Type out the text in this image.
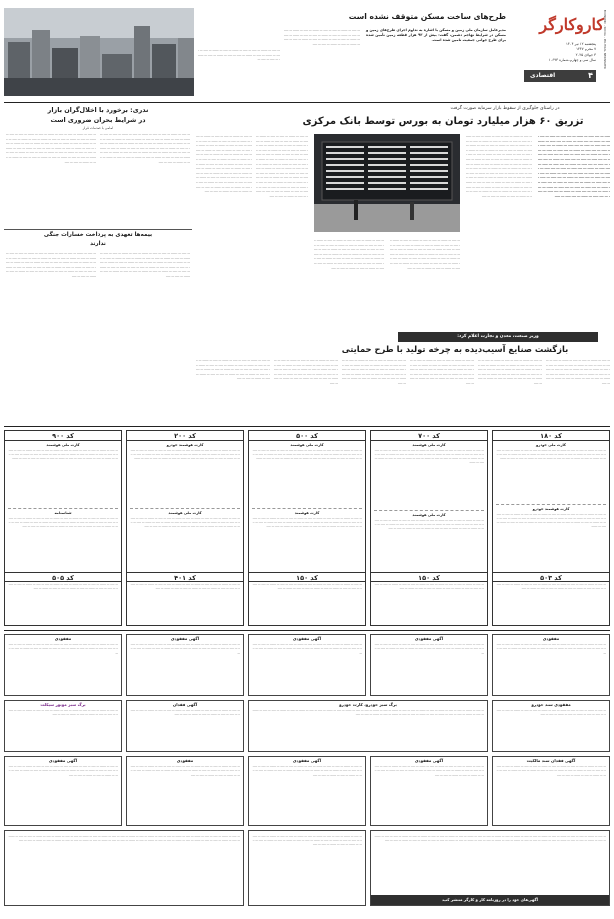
کاروکارگر
ECONOMIC - SOCIAL - POLITICAL NEWSPAPER
پنجشنبه ۱۲ تیر ۱۴۰۴
۷ محرم ۱۴۴۷
۳ جولای ۲۰۲۵
سال سی و چهارم-شماره ۱۰۶۹۳
۴
اقتصادی
طرح‌های ساخت مسکن متوقف نشده است
مدیرعامل سازمان ملی زمین و مسکن با اشاره به تداوم اجرای طرح‌های زمین و مسکن در شرایط تهاجم دشمن، گفت: بیش از ۹۳ هزار قطعه زمین تأمین شده برای طرح جوانی جمعیت تامین شده است.
ـــ ـــــ ـــ ـــــــ ـــ ـــــ ـــ ـــــ ـــ ـــــــ ـــ ـــــ ـــ ـــــــ ـــ ـــــ ـــ ـــــ ـــ ـــــــ ـــ ـــــ ـــ ـــــــ ـــ ـــــ ـــ ـــــ ـــ ـــــــ ـــ ـــــ ـــ ـــــــ ـــ ـــــ ـــ ـــــ ـــ ـــــــ ـــ ـــــ ـــ ـــــــ ـــ ـــــ ـــ ـــــ ـــ ـــــــ ـــ ـــــ ـــ ـــــــ ـــ ـــــ ـــ ـــــ
ـــ ـــــ ـــ ـــــــ ـــ ـــــ ـــ ـــــ ـــ ـــــــ ـــ ـــــ ـــ ـــــــ ـــ ـــــ ـــ ـــــ ـــ ـــــــ ـــ ـــــ ـــ ـــــــ ـــ ـــــ ـــ ـــــ ـــ ـــــــ ـــ ـــــ ـــ ـــــــ ـــ ـــــ ـــ ـــــ ـــ
در راستای جلوگیری از سقوط بازار سرمایه صورت گرفت
تزریق ۶۰ هزار میلیارد تومان به بورس توسط بانک مرکزی
ـــــ ـــ ــــ ـــــ ـــ ــــــ ـــ ــــ ـــــ ـــ ـــــ ـــ ــــ ـــــ ـــ ــــــ ـــ ــــ ـــــ ـــ ـــــ ـــ ــــ ـــــ ـــ ــــــ ـــ ــــ ـــــ ـــ ـــــ ـــ ــــ ـــــ ـــ ــــــ ـــ ــــ ـــــ ـــ ـــــ ـــ ــــ ـــــ ـــ ــــــ ـــ ــــ ـــــ ـــ ـــــ ـــ ــــ ـــــ ـــ ــــــ ـــ ــــ ـــــ ـــ ـــــ ـــ ــــ ـــــ ـــ ــــــ ـــ ــــ ـــــ ـــ ـــــ ـــ ــــ ـــــ ـــ ــــــ ـــ ــــ ـــــ ـــ ـــــ ـــ ــــ ـــــ ـــ ــــــ ـــ ــــ ـــــ ـــ ـــــ ـــ ــــ ـــــ ـــ ــــــ ـــ ــــ ـــــ ـــ ـــــ ـــ ــــ ـــــ ـــ ــــــ ـــ ــــ ـــــ ـــ ـــــ ـــ ــــ ـــــ ـــ ــــــ ـــ ــــ ـــــ ـــ ـــــ ـــ ــــ ـــــ ـــ ــــــ ـــ ــــ ـــــ ـــ ـــــ ـــ ــــ ـــــ ـــ ــــــ ـــ ــــ ـــــ ـــ ـــــ ـــ ــــ ـــــ ـــ ــــــ ـــ ــــ ـــــ ـــ ـــــ ـــ ــــ ـــــ ـــ ــــــ ـــ ــــ ـــــ ـــ ـــــ ـــ ــــ ـــــ ـــ ــــــ ـــ ــــ ـــــ ـــ ـــــ ـــ ــــ ـــــ ـــ ــــــ ـــ ــــ ـــــ ـــ ـــــ
ـــ ـــــ ـــ ـــــــ ـــ ـــــ ـــ ـــــ ـــ ـــــــ ـــ ـــــ ـــ ـــــــ ـــ ـــــ ـــ ـــــ ـــ ـــــــ ـــ ـــــ ـــ ـــــــ ـــ ـــــ ـــ ـــــ ـــ ـــــــ ـــ ـــــ ـــ ـــــــ ـــ ـــــ ـــ ـــــ ـــ ـــــــ ـــ ـــــ ـــ ـــــــ ـــ ـــــ ـــ ـــــ ـــ ـــــــ ـــ ـــــ ـــ ـــــــ ـــ ـــــ ـــ ـــــ ـــ ـــــــ ـــ ـــــ ـــ ـــــــ ـــ ـــــ ـــ ـــــ ـــ ـــــــ ـــ ـــــ ـــ ـــــــ ـــ ـــــ ـــ ـــــ ـــ ـــــــ ـــ ـــــ ـــ ـــــــ ـــ ـــــ ـــ ـــــ ـــ ـــــــ ـــ ـــــ ـــ ـــــــ ـــ ـــــ ـــ ـــــ ـــ ـــــــ ـــ ـــــ ـــ ـــــــ ـــ ـــــ ـــ ـــــ ـــ ـــــــ ـــ ـــــ ـــ ـــــــ ـــ ـــــ ـــ ـــــ ـــ ـــــــ ـــ ـــــ ـــ ـــــــ ـــ ـــــ ـــ ـــــ ـــ ـــــــ ـــ ـــــ ـــ ـــــــ ـــ ـــــ ـــ ـــــ ـــ ـــــــ ـــ ـــــ ـــ ـــــــ ـــ ـــــ ـــ ـــــ ـــ ـــــــ ـــ ـــــ ـــ ـــــــ ـــ ـــــ ـــ ـــــ ـــ ـــــــ ـــ ـــــ ـــ ـــــــ ـــ ـــــ ـــ ـــــ ـــ ـــــــ ـــ ـــــ ـــ ـــــــ ـــ ـــــ ـــ ـــــ ـــ ـــــــ ـــ ـــــ ـــ ـــــــ ـــ ـــــ ـــ ـــــ
ـــ ـــــ ـــ ـــــــ ـــ ـــــ ـــ ـــــ ـــ ـــــــ ـــ ـــــ ـــ ـــــــ ـــ ـــــ ـــ ـــــ ـــ ـــــــ ـــ ـــــ ـــ ـــــــ ـــ ـــــ ـــ ـــــ ـــ ـــــــ ـــ ـــــ ـــ ـــــــ ـــ ـــــ ـــ ـــــ ـــ ـــــــ ـــ ـــــ ـــ ـــــــ ـــ ـــــ ـــ ـــــ ـــ ـــــــ ـــ ـــــ ـــ ـــــــ ـــ ـــــ ـــ ـــــ ـــ ـــــــ ـــ ـــــ ـــ ـــــــ ـــ ـــــ ـــ ـــــ ـــ ـــــــ ـــ ـــــ ـــ ـــــــ ـــ ـــــ ـــ ـــــ ـــ ـــــــ ـــ ـــــ ـــ ـــــــ ـــ ـــــ ـــ ـــــ ـــ ـــــــ ـــ ـــــ ـــ ـــــــ ـــ ـــــ ـــ ـــــ
ـــ ـــــ ـــ ـــــــ ـــ ـــــ ـــ ـــــ ـــ ـــــــ ـــ ـــــ ـــ ـــــــ ـــ ـــــ ـــ ـــــ ـــ ـــــــ ـــ ـــــ ـــ ـــــــ ـــ ـــــ ـــ ـــــ ـــ ـــــــ ـــ ـــــ ـــ ـــــــ ـــ ـــــ ـــ ـــــ ـــ ـــــــ ـــ ـــــ ـــ ـــــــ ـــ ـــــ ـــ ـــــ ـــ ـــــــ ـــ ـــــ ـــ ـــــــ ـــ ـــــ ـــ ـــــ ـــ ـــــــ ـــ ـــــ ـــ ـــــــ ـــ ـــــ ـــ ـــــ ـــ ـــــــ ـــ ـــــ ـــ ـــــــ ـــ ـــــ ـــ ـــــ ـــ ـــــــ ـــ ـــــ ـــ ـــــــ ـــ ـــــ ـــ ـــــ ـــ ـــــــ ـــ ـــــ ـــ ـــــــ ـــ ـــــ ـــ ـــــ
ـــ ـــــ ـــ ـــــــ ـــ ـــــ ـــ ـــــ ـــ ـــــــ ـــ ـــــ ـــ ـــــــ ـــ ـــــ ـــ ـــــ ـــ ـــــــ ـــ ـــــ ـــ ـــــــ ـــ ـــــ ـــ ـــــ ـــ ـــــــ ـــ ـــــ ـــ ـــــــ ـــ ـــــ ـــ ـــــ ـــ ـــــــ ـــ ـــــ ـــ ـــــــ ـــ ـــــ ـــ ـــــ ـــ ـــــــ ـــ ـــــ ـــ ـــــــ ـــ ـــــ ـــ ـــــ ـــ ـــــــ ـــ ـــــ ـــ ـــــــ ـــ ـــــ ـــ ـــــ ـــ ـــــــ ـــ ـــــ ـــ ـــــــ ـــ ـــــ ـــ ـــــ ـــ ـــــــ ـــ ـــــ ـــ ـــــــ ـــ ـــــ ـــ ـــــ ـــ ـــــــ ـــ ـــــ ـــ ـــــــ ـــ ـــــ ـــ ـــــ ـــ ـــــــ ـــ ـــــ ـــ ـــــــ ـــ ـــــ ـــ ـــــ ـــ ـــــــ ـــ ـــــ ـــ ـــــــ ـــ ـــــ ـــ ـــــ ـــ ـــــــ ـــ ـــــ ـــ ـــــــ ـــ ـــــ ـــ ـــــ ـــ ـــــــ ـــ ـــــ ـــ ـــــــ ـــ ـــــ ـــ ـــــ ـــ ـــــــ ـــ ـــــ ـــ ـــــــ ـــ ـــــ ـــ ـــــ
ـــ ـــــ ـــ ـــــــ ـــ ـــــ ـــ ـــــ ـــ ـــــــ ـــ ـــــ ـــ ـــــــ ـــ ـــــ ـــ ـــــ ـــ ـــــــ ـــ ـــــ ـــ ـــــــ ـــ ـــــ ـــ ـــــ ـــ ـــــــ ـــ ـــــ ـــ ـــــــ ـــ ـــــ ـــ ـــــ ـــ ـــــــ ـــ ـــــ ـــ ـــــــ ـــ ـــــ ـــ ـــــ ـــ ـــــــ ـــ ـــــ ـــ ـــــــ ـــ ـــــ ـــ ـــــ ـــ ـــــــ ـــ ـــــ ـــ ـــــــ ـــ ـــــ ـــ ـــــ ـــ ـــــــ ـــ ـــــ ـــ ـــــــ ـــ ـــــ ـــ ـــــ ـــ ـــــــ ـــ ـــــ ـــ ـــــــ ـــ ـــــ ـــ ـــــ ـــ ـــــــ ـــ ـــــ ـــ ـــــــ ـــ ـــــ ـــ ـــــ ـــ ـــــــ ـــ ـــــ ـــ ـــــــ ـــ ـــــ ـــ ـــــ ـــ ـــــــ ـــ ـــــ ـــ ـــــــ ـــ ـــــ ـــ ـــــ ـــ ـــــــ ـــ ـــــ ـــ ـــــــ ـــ ـــــ ـــ ـــــ ـــ ـــــــ ـــ ـــــ ـــ ـــــــ ـــ ـــــ ـــ ـــــ ـــ ـــــــ ـــ ـــــ ـــ ـــــــ ـــ ـــــ ـــ ـــــ
ندری: برخورد با اخلال‌گران بازار
در شرایط بحران ضروری است
امامی با صدمات قرار
ـــ ـــــ ـــ ـــــــ ـــ ـــــ ـــ ـــــ ـــ ـــــــ ـــ ـــــ ـــ ـــــــ ـــ ـــــ ـــ ـــــ ـــ ـــــــ ـــ ـــــ ـــ ـــــــ ـــ ـــــ ـــ ـــــ ـــ ـــــــ ـــ ـــــ ـــ ـــــــ ـــ ـــــ ـــ ـــــ ـــ ـــــــ ـــ ـــــ ـــ ـــــــ ـــ ـــــ ـــ ـــــ ـــ ـــــــ ـــ ـــــ ـــ ـــــــ ـــ ـــــ ـــ ـــــ ـــ ـــــــ ـــ ـــــ ـــ ـــــــ ـــ ـــــ ـــ ـــــ ـــ ـــــــ ـــ ـــــ ـــ ـــــــ ـــ ـــــ ـــ ـــــ ـــ ـــــــ ـــ ـــــ ـــ ـــــــ ـــ ـــــ ـــ ـــــ ـــ ـــــــ ـــ ـــــ ـــ ـــــــ ـــ ـــــ ـــ ـــــ ـــ ـــــــ ـــ ـــــ ـــ ـــــــ ـــ ـــــ ـــ ـــــ ـــ ـــــــ ـــ ـــــ ـــ ـــــــ ـــ ـــــ ـــ ـــــ
ـــ ـــــ ـــ ـــــــ ـــ ـــــ ـــ ـــــ ـــ ـــــــ ـــ ـــــ ـــ ـــــــ ـــ ـــــ ـــ ـــــ ـــ ـــــــ ـــ ـــــ ـــ ـــــــ ـــ ـــــ ـــ ـــــ ـــ ـــــــ ـــ ـــــ ـــ ـــــــ ـــ ـــــ ـــ ـــــ ـــ ـــــــ ـــ ـــــ ـــ ـــــــ ـــ ـــــ ـــ ـــــ ـــ ـــــــ ـــ ـــــ ـــ ـــــــ ـــ ـــــ ـــ ـــــ ـــ ـــــــ ـــ ـــــ ـــ ـــــــ ـــ ـــــ ـــ ـــــ ـــ ـــــــ ـــ ـــــ ـــ ـــــــ ـــ ـــــ ـــ ـــــ ـــ ـــــــ ـــ ـــــ ـــ ـــــــ ـــ ـــــ ـــ ـــــ ـــ ـــــــ ـــ ـــــ ـــ ـــــــ ـــ ـــــ ـــ ـــــ ـــ ـــــــ ـــ ـــــ ـــ ـــــــ ـــ ـــــ ـــ ـــــ ـــ ـــــــ ـــ ـــــ ـــ ـــــــ ـــ ـــــ ـــ ـــــ
بیمه‌ها تعهدی به پرداخت خسارات جنگی
ندارند
ـــ ـــــ ـــ ـــــــ ـــ ـــــ ـــ ـــــ ـــ ـــــــ ـــ ـــــ ـــ ـــــــ ـــ ـــــ ـــ ـــــ ـــ ـــــــ ـــ ـــــ ـــ ـــــــ ـــ ـــــ ـــ ـــــ ـــ ـــــــ ـــ ـــــ ـــ ـــــــ ـــ ـــــ ـــ ـــــ ـــ ـــــــ ـــ ـــــ ـــ ـــــــ ـــ ـــــ ـــ ـــــ ـــ ـــــــ ـــ ـــــ ـــ ـــــــ ـــ ـــــ ـــ ـــــ ـــ ـــــــ ـــ ـــــ ـــ ـــــــ ـــ ـــــ ـــ ـــــ ـــ ـــــــ ـــ ـــــ ـــ ـــــــ ـــ ـــــ ـــ ـــــ ـــ ـــــــ ـــ ـــــ ـــ ـــــــ ـــ ـــــ ـــ ـــــ ـــ ـــــــ ـــ ـــــ ـــ ـــــــ ـــ ـــــ ـــ ـــــ
ـــ ـــــ ـــ ـــــــ ـــ ـــــ ـــ ـــــ ـــ ـــــــ ـــ ـــــ ـــ ـــــــ ـــ ـــــ ـــ ـــــ ـــ ـــــــ ـــ ـــــ ـــ ـــــــ ـــ ـــــ ـــ ـــــ ـــ ـــــــ ـــ ـــــ ـــ ـــــــ ـــ ـــــ ـــ ـــــ ـــ ـــــــ ـــ ـــــ ـــ ـــــــ ـــ ـــــ ـــ ـــــ ـــ ـــــــ ـــ ـــــ ـــ ـــــــ ـــ ـــــ ـــ ـــــ ـــ ـــــــ ـــ ـــــ ـــ ـــــــ ـــ ـــــ ـــ ـــــ ـــ ـــــــ ـــ ـــــ ـــ ـــــــ ـــ ـــــ ـــ ـــــ ـــ ـــــــ ـــ ـــــ ـــ ـــــــ ـــ ـــــ ـــ ـــــ ـــ ـــــــ ـــ ـــــ ـــ ـــــــ ـــ ـــــ ـــ ـــــ
وزیر صنعت، معدن و تجارت اعلام کرد:
بازگشت صنایع آسیب‌دیده به چرخه تولید با طرح حمایتی
ـــ ـــــ ـــ ـــــــ ـــ ـــــ ـــ ـــــ ـــ ـــــــ ـــ ـــــ ـــ ـــــــ ـــ ـــــ ـــ ـــــ ـــ ـــــــ ـــ ـــــ ـــ ـــــــ ـــ ـــــ ـــ ـــــ ـــ ـــــــ ـــ ـــــ ـــ ـــــــ ـــ ـــــ ـــ ـــــ ـــ ـــــــ ـــ ـــــ ـــ ـــــــ ـــ ـــــ ـــ ـــــ ـــ ـــــــ ـــ ـــــ ـــ ـــــــ ـــ ـــــ ـــ ـــــ ـــ ـــــــ ـــ ـــــ ـــ ـــــــ ـــ ـــــ ـــ ـــــ
ـــ ـــــ ـــ ـــــــ ـــ ـــــ ـــ ـــــ ـــ ـــــــ ـــ ـــــ ـــ ـــــــ ـــ ـــــ ـــ ـــــ ـــ ـــــــ ـــ ـــــ ـــ ـــــــ ـــ ـــــ ـــ ـــــ ـــ ـــــــ ـــ ـــــ ـــ ـــــــ ـــ ـــــ ـــ ـــــ ـــ ـــــــ ـــ ـــــ ـــ ـــــــ ـــ ـــــ ـــ ـــــ ـــ ـــــــ ـــ ـــــ ـــ ـــــــ ـــ ـــــ ـــ ـــــ ـــ ـــــــ ـــ ـــــ ـــ ـــــــ ـــ ـــــ ـــ ـــــ
ـــ ـــــ ـــ ـــــــ ـــ ـــــ ـــ ـــــ ـــ ـــــــ ـــ ـــــ ـــ ـــــــ ـــ ـــــ ـــ ـــــ ـــ ـــــــ ـــ ـــــ ـــ ـــــــ ـــ ـــــ ـــ ـــــ ـــ ـــــــ ـــ ـــــ ـــ ـــــــ ـــ ـــــ ـــ ـــــ ـــ ـــــــ ـــ ـــــ ـــ ـــــــ ـــ ـــــ ـــ ـــــ ـــ ـــــــ ـــ ـــــ ـــ ـــــــ ـــ ـــــ ـــ ـــــ ـــ ـــــــ ـــ ـــــ ـــ ـــــــ ـــ ـــــ ـــ ـــــ
ـــ ـــــ ـــ ـــــــ ـــ ـــــ ـــ ـــــ ـــ ـــــــ ـــ ـــــ ـــ ـــــــ ـــ ـــــ ـــ ـــــ ـــ ـــــــ ـــ ـــــ ـــ ـــــــ ـــ ـــــ ـــ ـــــ ـــ ـــــــ ـــ ـــــ ـــ ـــــــ ـــ ـــــ ـــ ـــــ ـــ ـــــــ ـــ ـــــ ـــ ـــــــ ـــ ـــــ ـــ ـــــ ـــ ـــــــ ـــ ـــــ ـــ ـــــــ ـــ ـــــ ـــ ـــــ ـــ ـــــــ ـــ ـــــ ـــ ـــــــ ـــ ـــــ ـــ ـــــ
ـــ ـــــ ـــ ـــــــ ـــ ـــــ ـــ ـــــ ـــ ـــــــ ـــ ـــــ ـــ ـــــــ ـــ ـــــ ـــ ـــــ ـــ ـــــــ ـــ ـــــ ـــ ـــــــ ـــ ـــــ ـــ ـــــ ـــ ـــــــ ـــ ـــــ ـــ ـــــــ ـــ ـــــ ـــ ـــــ ـــ ـــــــ ـــ ـــــ ـــ ـــــــ ـــ ـــــ ـــ ـــــ ـــ ـــــــ ـــ ـــــ ـــ ـــــــ ـــ ـــــ ـــ ـــــ ـــ ـــــــ ـــ ـــــ ـــ ـــــــ ـــ ـــــ ـــ ـــــ
ـــ ـــــ ـــ ـــــــ ـــ ـــــ ـــ ـــــ ـــ ـــــــ ـــ ـــــ ـــ ـــــــ ـــ ـــــ ـــ ـــــ ـــ ـــــــ ـــ ـــــ ـــ ـــــــ ـــ ـــــ ـــ ـــــ ـــ ـــــــ ـــ ـــــ ـــ ـــــــ ـــ ـــــ ـــ ـــــ ـــ ـــــــ ـــ ـــــ ـــ ـــــــ ـــ ـــــ ـــ ـــــ ـــ ـــــــ ـــ ـــــ ـــ ـــــــ ـــ ـــــ ـــ ـــــ ـــ ـــــــ ـــ ـــــ ـــ ـــــــ ـــ ـــــ ـــ ـــــ
کد ۱۸۰
کارت ملی خودرو
ـــ ـــــ ـــ ـــــــ ـــ ـــــ ـــ ـــــ ـــ ـــــــ ـــ ـــــ ـــ ـــــــ ـــ ـــــ ـــ ـــــ ـــ ـــــــ ـــ ـــــ ـــ ـــــــ ـــ ـــــ ـــ ـــــ ـــ ـــــــ ـــ ـــــ ـــ ـــــــ ـــ ـــــ ـــ ـــــ ـــ ـــــــ ـــ ـــــ ـــ ـــــــ ـــ ـــــ ـــ ـــــ ـــ ـــــــ ـــ ـــــ ـــ ـــــــ ـــ ـــــ ـــ ـــــ ـــ ـــــــ ـــ ـــــ ـــ ـــــــ ـــ ـــــ ـــ ـــــ ـــ ـــــــ
کارت هوشمند خودرو
ـــ ـــــ ـــ ـــــــ ـــ ـــــ ـــ ـــــ ـــ ـــــــ ـــ ـــــ ـــ ـــــــ ـــ ـــــ ـــ ـــــ ـــ ـــــــ ـــ ـــــ ـــ ـــــــ ـــ ـــــ ـــ ـــــ ـــ ـــــــ ـــ ـــــ ـــ ـــــــ ـــ ـــــ ـــ ـــــ ـــ ـــــــ ـــ ـــــ ـــ ـــــــ ـــ ـــــ ـــ ـــــ ـــ ـــــــ ـــ ـــــ ـــ ـــــــ ـــ ـــــ ـــ ـــــ ـــ ـــــــ ـــ ـــــ ـــ ـــــــ ـــ ـــــ ـــ ـــــ ـــ ـــــــ ـــ ـــــ ـــ ـــــــ
کد ۵۰۳
ـــ ـــــ ـــ ـــــــ ـــ ـــــ ـــ ـــــ ـــ ـــــــ ـــ ـــــ ـــ ـــــــ ـــ ـــــ ـــ ـــــ ـــ ـــــــ ـــ ـــــ ـــ ـــــــ ـــ ـــــ ـــ ـــــ ـــ ـــــــ ـــ ـــــ ـــ ـــــــ ـــ ـــــ ـــ ـــــ ـــ ـــــــ ـــ ـــــ
کد ۷۰۰
کارت ملی هوشمند
ـــ ـــــ ـــ ـــــــ ـــ ـــــ ـــ ـــــ ـــ ـــــــ ـــ ـــــ ـــ ـــــــ ـــ ـــــ ـــ ـــــ ـــ ـــــــ ـــ ـــــ ـــ ـــــــ ـــ ـــــ ـــ ـــــ ـــ ـــــــ ـــ ـــــ ـــ ـــــــ ـــ ـــــ ـــ ـــــ ـــ ـــــــ ـــ ـــــ ـــ ـــــــ ـــ ـــــ ـــ ـــــ ـــ ـــــــ ـــ ـــــ ـــ ـــــــ ـــ ـــــ ـــ ـــــ ـــ ـــــــ ـــ ـــــ ـــ ـــــــ ـــ ـــــ ـــ ـــــ ـــ ـــــــ ـــ ـــــ ـــ ـــــــ
کارت ملی هوشمند
ـــ ـــــ ـــ ـــــــ ـــ ـــــ ـــ ـــــ ـــ ـــــــ ـــ ـــــ ـــ ـــــــ ـــ ـــــ ـــ ـــــ ـــ ـــــــ ـــ ـــــ ـــ ـــــــ ـــ ـــــ ـــ ـــــ ـــ ـــــــ ـــ ـــــ ـــ ـــــــ ـــ ـــــ ـــ ـــــ ـــ ـــــــ ـــ ـــــ ـــ ـــــــ ـــ ـــــ ـــ ـــــ ـــ ـــــــ ـــ ـــــ ـــ ـــــــ ـــ ـــــ ـــ ـــــ ـــ ـــــــ ـــ ـــــ ـــ ـــــــ ـــ ـــــ ـــ ـــــ
کد ۱۵۰
ـــ ـــــ ـــ ـــــــ ـــ ـــــ ـــ ـــــ ـــ ـــــــ ـــ ـــــ ـــ ـــــــ ـــ ـــــ ـــ ـــــ ـــ ـــــــ ـــ ـــــ ـــ ـــــــ ـــ ـــــ ـــ ـــــ ـــ ـــــــ ـــ ـــــ ـــ ـــــــ ـــ ـــــ ـــ ـــــ ـــ ـــــــ ـــ ـــــ
کد ۵۰۰
کارت ملی هوشمند
ـــ ـــــ ـــ ـــــــ ـــ ـــــ ـــ ـــــ ـــ ـــــــ ـــ ـــــ ـــ ـــــــ ـــ ـــــ ـــ ـــــ ـــ ـــــــ ـــ ـــــ ـــ ـــــــ ـــ ـــــ ـــ ـــــ ـــ ـــــــ ـــ ـــــ ـــ ـــــــ ـــ ـــــ ـــ ـــــ ـــ ـــــــ ـــ ـــــ ـــ ـــــــ ـــ ـــــ ـــ ـــــ ـــ ـــــــ ـــ ـــــ ـــ ـــــــ ـــ ـــــ ـــ ـــــ ـــ ـــــــ ـــ ـــــ ـــ ـــــــ ـــ ـــــ ـــ ـــــ ـــ ـــــــ
کارت هوشمند
ـــ ـــــ ـــ ـــــــ ـــ ـــــ ـــ ـــــ ـــ ـــــــ ـــ ـــــ ـــ ـــــــ ـــ ـــــ ـــ ـــــ ـــ ـــــــ ـــ ـــــ ـــ ـــــــ ـــ ـــــ ـــ ـــــ ـــ ـــــــ ـــ ـــــ ـــ ـــــــ ـــ ـــــ ـــ ـــــ ـــ ـــــــ ـــ ـــــ ـــ ـــــــ ـــ ـــــ ـــ ـــــ ـــ ـــــــ ـــ ـــــ ـــ ـــــــ ـــ ـــــ ـــ ـــــ ـــ ـــــــ ـــ ـــــ ـــ ـــــــ ـــ ـــــ ـــ ـــــ
کد ۱۵۰
ـــ ـــــ ـــ ـــــــ ـــ ـــــ ـــ ـــــ ـــ ـــــــ ـــ ـــــ ـــ ـــــــ ـــ ـــــ ـــ ـــــ ـــ ـــــــ ـــ ـــــ ـــ ـــــــ ـــ ـــــ ـــ ـــــ ـــ ـــــــ ـــ ـــــ ـــ ـــــــ ـــ ـــــ ـــ ـــــ ـــ ـــــــ ـــ ـــــ
کد ۲۰۰
کارت هوشمند خودرو
ـــ ـــــ ـــ ـــــــ ـــ ـــــ ـــ ـــــ ـــ ـــــــ ـــ ـــــ ـــ ـــــــ ـــ ـــــ ـــ ـــــ ـــ ـــــــ ـــ ـــــ ـــ ـــــــ ـــ ـــــ ـــ ـــــ ـــ ـــــــ ـــ ـــــ ـــ ـــــــ ـــ ـــــ ـــ ـــــ ـــ ـــــــ ـــ ـــــ ـــ ـــــــ ـــ ـــــ ـــ ـــــ ـــ ـــــــ ـــ ـــــ ـــ ـــــــ ـــ ـــــ ـــ ـــــ ـــ ـــــــ ـــ ـــــ ـــ ـــــــ ـــ ـــــ ـــ ـــــ ـــ ـــــــ
کارت ملی هوشمند
ـــ ـــــ ـــ ـــــــ ـــ ـــــ ـــ ـــــ ـــ ـــــــ ـــ ـــــ ـــ ـــــــ ـــ ـــــ ـــ ـــــ ـــ ـــــــ ـــ ـــــ ـــ ـــــــ ـــ ـــــ ـــ ـــــ ـــ ـــــــ ـــ ـــــ ـــ ـــــــ ـــ ـــــ ـــ ـــــ ـــ ـــــــ ـــ ـــــ ـــ ـــــــ ـــ ـــــ ـــ ـــــ ـــ ـــــــ ـــ ـــــ ـــ ـــــــ ـــ ـــــ ـــ ـــــ ـــ ـــــــ ـــ ـــــ ـــ ـــــــ ـــ ـــــ ـــ ـــــ
کد ۴۰۱
ـــ ـــــ ـــ ـــــــ ـــ ـــــ ـــ ـــــ ـــ ـــــــ ـــ ـــــ ـــ ـــــــ ـــ ـــــ ـــ ـــــ ـــ ـــــــ ـــ ـــــ ـــ ـــــــ ـــ ـــــ ـــ ـــــ ـــ ـــــــ ـــ ـــــ ـــ ـــــــ ـــ ـــــ ـــ ـــــ ـــ ـــــــ ـــ ـــــ
کد ۹۰۰
کارت ملی هوشمند
ـــ ـــــ ـــ ـــــــ ـــ ـــــ ـــ ـــــ ـــ ـــــــ ـــ ـــــ ـــ ـــــــ ـــ ـــــ ـــ ـــــ ـــ ـــــــ ـــ ـــــ ـــ ـــــــ ـــ ـــــ ـــ ـــــ ـــ ـــــــ ـــ ـــــ ـــ ـــــــ ـــ ـــــ ـــ ـــــ ـــ ـــــــ ـــ ـــــ ـــ ـــــــ ـــ ـــــ ـــ ـــــ ـــ ـــــــ ـــ ـــــ ـــ ـــــــ ـــ ـــــ ـــ ـــــ ـــ ـــــــ ـــ ـــــ ـــ ـــــــ ـــ ـــــ ـــ ـــــ ـــ ـــــــ
شناسنامه
ـــ ـــــ ـــ ـــــــ ـــ ـــــ ـــ ـــــ ـــ ـــــــ ـــ ـــــ ـــ ـــــــ ـــ ـــــ ـــ ـــــ ـــ ـــــــ ـــ ـــــ ـــ ـــــــ ـــ ـــــ ـــ ـــــ ـــ ـــــــ ـــ ـــــ ـــ ـــــــ ـــ ـــــ ـــ ـــــ ـــ ـــــــ ـــ ـــــ ـــ ـــــــ ـــ ـــــ ـــ ـــــ ـــ ـــــــ ـــ ـــــ ـــ ـــــــ ـــ ـــــ ـــ ـــــ ـــ ـــــــ ـــ ـــــ ـــ ـــــــ ـــ ـــــ ـــ ـــــ
کد ۵۰۵
ـــ ـــــ ـــ ـــــــ ـــ ـــــ ـــ ـــــ ـــ ـــــــ ـــ ـــــ ـــ ـــــــ ـــ ـــــ ـــ ـــــ ـــ ـــــــ ـــ ـــــ ـــ ـــــــ ـــ ـــــ ـــ ـــــ ـــ ـــــــ ـــ ـــــ ـــ ـــــــ ـــ ـــــ ـــ ـــــ ـــ ـــــــ ـــ ـــــ
مفقودی
ـــ ـــــ ـــ ـــــــ ـــ ـــــ ـــ ـــــ ـــ ـــــــ ـــ ـــــ ـــ ـــــــ ـــ ـــــ ـــ ـــــ ـــ ـــــــ ـــ ـــــ ـــ ـــــــ ـــ ـــــ ـــ ـــــ ـــ ـــــــ ـــ ـــــ ـــ ـــــــ ـــ ـــــ ـــ ـــــ ـــ ـــــــ ـــ ـــــ ـــ ـــــــ ـــ ـــــ ـــ ـــــ
آگهی مفقودی
ـــ ـــــ ـــ ـــــــ ـــ ـــــ ـــ ـــــ ـــ ـــــــ ـــ ـــــ ـــ ـــــــ ـــ ـــــ ـــ ـــــ ـــ ـــــــ ـــ ـــــ ـــ ـــــــ ـــ ـــــ ـــ ـــــ ـــ ـــــــ ـــ ـــــ ـــ ـــــــ ـــ ـــــ ـــ ـــــ ـــ ـــــــ ـــ ـــــ ـــ ـــــــ ـــ ـــــ ـــ ـــــ
آگهی مفقودی
ـــ ـــــ ـــ ـــــــ ـــ ـــــ ـــ ـــــ ـــ ـــــــ ـــ ـــــ ـــ ـــــــ ـــ ـــــ ـــ ـــــ ـــ ـــــــ ـــ ـــــ ـــ ـــــــ ـــ ـــــ ـــ ـــــ ـــ ـــــــ ـــ ـــــ ـــ ـــــــ ـــ ـــــ ـــ ـــــ ـــ ـــــــ ـــ ـــــ ـــ ـــــــ ـــ ـــــ ـــ ـــــ
آگهی مفقودی
ـــ ـــــ ـــ ـــــــ ـــ ـــــ ـــ ـــــ ـــ ـــــــ ـــ ـــــ ـــ ـــــــ ـــ ـــــ ـــ ـــــ ـــ ـــــــ ـــ ـــــ ـــ ـــــــ ـــ ـــــ ـــ ـــــ ـــ ـــــــ ـــ ـــــ ـــ ـــــــ ـــ ـــــ ـــ ـــــ ـــ ـــــــ ـــ ـــــ ـــ ـــــــ ـــ ـــــ ـــ ـــــ
مفقودی
ـــ ـــــ ـــ ـــــــ ـــ ـــــ ـــ ـــــ ـــ ـــــــ ـــ ـــــ ـــ ـــــــ ـــ ـــــ ـــ ـــــ ـــ ـــــــ ـــ ـــــ ـــ ـــــــ ـــ ـــــ ـــ ـــــ ـــ ـــــــ ـــ ـــــ ـــ ـــــــ ـــ ـــــ ـــ ـــــ ـــ ـــــــ ـــ ـــــ ـــ ـــــــ ـــ ـــــ ـــ ـــــ
مفقودی سند خودرو
ـــ ـــــ ـــ ـــــــ ـــ ـــــ ـــ ـــــ ـــ ـــــــ ـــ ـــــ ـــ ـــــــ ـــ ـــــ ـــ ـــــ ـــ ـــــــ ـــ ـــــ ـــ ـــــــ ـــ ـــــ ـــ ـــــ ـــ ـــــــ ـــ ـــــ ـــ ـــــــ ـــ ـــــ ـــ ـــــ
برگ سبز خودرو، کارت خودرو
ـــ ـــــ ـــ ـــــــ ـــ ـــــ ـــ ـــــ ـــ ـــــــ ـــ ـــــ ـــ ـــــــ ـــ ـــــ ـــ ـــــ ـــ ـــــــ ـــ ـــــ ـــ ـــــــ ـــ ـــــ ـــ ـــــ ـــ ـــــــ ـــ ـــــ ـــ ـــــــ ـــ ـــــ ـــ ـــــ ـــ ـــــــ ـــ ـــــ ـــ ـــــــ ـــ ـــــ ـــ ـــــ ـــ ـــــــ ـــ ـــــ ـــ ـــــــ ـــ ـــــ ـــ ـــــ ـــ ـــــــ ـــ ـــــ ـــ ـــــــ ـــ ـــــ ـــ ـــــ ـــ ـــــــ ـــ ـــــ ـــ ـــــــ ـــ ـــــ ـــ ـــــ
آگهی فقدان
ـــ ـــــ ـــ ـــــــ ـــ ـــــ ـــ ـــــ ـــ ـــــــ ـــ ـــــ ـــ ـــــــ ـــ ـــــ ـــ ـــــ ـــ ـــــــ ـــ ـــــ ـــ ـــــــ ـــ ـــــ ـــ ـــــ ـــ ـــــــ ـــ ـــــ ـــ ـــــــ ـــ ـــــ ـــ ـــــ
برگ سبز موتور سیکلت
ـــ ـــــ ـــ ـــــــ ـــ ـــــ ـــ ـــــ ـــ ـــــــ ـــ ـــــ ـــ ـــــــ ـــ ـــــ ـــ ـــــ ـــ ـــــــ ـــ ـــــ ـــ ـــــــ ـــ ـــــ ـــ ـــــ ـــ ـــــــ ـــ ـــــ ـــ ـــــــ ـــ ـــــ ـــ ـــــ
آگهی فقدان سند مالکیت
ـــ ـــــ ـــ ـــــــ ـــ ـــــ ـــ ـــــ ـــ ـــــــ ـــ ـــــ ـــ ـــــــ ـــ ـــــ ـــ ـــــ ـــ ـــــــ ـــ ـــــ ـــ ـــــــ ـــ ـــــ ـــ ـــــ ـــ ـــــــ ـــ ـــــ ـــ ـــــــ ـــ ـــــ ـــ ـــــ ـــ ـــــــ ـــ ـــــ ـــ ـــــــ ـــ ـــــ ـــ ـــــ ـــ ـــــــ ـــ ـــــ ـــ ـــــــ ـــ ـــــ ـــ ـــــ
آگهی مفقودی
ـــ ـــــ ـــ ـــــــ ـــ ـــــ ـــ ـــــ ـــ ـــــــ ـــ ـــــ ـــ ـــــــ ـــ ـــــ ـــ ـــــ ـــ ـــــــ ـــ ـــــ ـــ ـــــــ ـــ ـــــ ـــ ـــــ ـــ ـــــــ ـــ ـــــ ـــ ـــــــ ـــ ـــــ ـــ ـــــ ـــ ـــــــ ـــ ـــــ ـــ ـــــــ ـــ ـــــ ـــ ـــــ ـــ ـــــــ ـــ ـــــ ـــ ـــــــ ـــ ـــــ ـــ ـــــ
آگهی مفقودی
ـــ ـــــ ـــ ـــــــ ـــ ـــــ ـــ ـــــ ـــ ـــــــ ـــ ـــــ ـــ ـــــــ ـــ ـــــ ـــ ـــــ ـــ ـــــــ ـــ ـــــ ـــ ـــــــ ـــ ـــــ ـــ ـــــ ـــ ـــــــ ـــ ـــــ ـــ ـــــــ ـــ ـــــ ـــ ـــــ ـــ ـــــــ ـــ ـــــ ـــ ـــــــ ـــ ـــــ ـــ ـــــ ـــ ـــــــ ـــ ـــــ ـــ ـــــــ ـــ ـــــ ـــ ـــــ
مفقودی
ـــ ـــــ ـــ ـــــــ ـــ ـــــ ـــ ـــــ ـــ ـــــــ ـــ ـــــ ـــ ـــــــ ـــ ـــــ ـــ ـــــ ـــ ـــــــ ـــ ـــــ ـــ ـــــــ ـــ ـــــ ـــ ـــــ ـــ ـــــــ ـــ ـــــ ـــ ـــــــ ـــ ـــــ ـــ ـــــ ـــ ـــــــ ـــ ـــــ ـــ ـــــــ ـــ ـــــ ـــ ـــــ ـــ ـــــــ ـــ ـــــ ـــ ـــــــ ـــ ـــــ ـــ ـــــ
آگهی مفقودی
ـــ ـــــ ـــ ـــــــ ـــ ـــــ ـــ ـــــ ـــ ـــــــ ـــ ـــــ ـــ ـــــــ ـــ ـــــ ـــ ـــــ ـــ ـــــــ ـــ ـــــ ـــ ـــــــ ـــ ـــــ ـــ ـــــ ـــ ـــــــ ـــ ـــــ ـــ ـــــــ ـــ ـــــ ـــ ـــــ ـــ ـــــــ ـــ ـــــ ـــ ـــــــ ـــ ـــــ ـــ ـــــ ـــ ـــــــ ـــ ـــــ ـــ ـــــــ ـــ ـــــ ـــ ـــــ
ـــ ـــــ ـــ ـــــــ ـــ ـــــ ـــ ـــــ ـــ ـــــــ ـــ ـــــ ـــ ـــــــ ـــ ـــــ ـــ ـــــ ـــ ـــــــ ـــ ـــــ ـــ ـــــــ ـــ ـــــ ـــ ـــــ ـــ ـــــــ ـــ ـــــ ـــ ـــــــ ـــ ـــــ ـــ ـــــ ـــ ـــــــ ـــ ـــــ ـــ ـــــــ ـــ ـــــ ـــ ـــــ ـــ ـــــــ ـــ ـــــ ـــ ـــــــ ـــ ـــــ ـــ ـــــ ـــ ـــــــ ـــ ـــــ ـــ ـــــــ ـــ ـــــ ـــ ـــــ ـــ ـــــــ ـــ ـــــ ـــ ـــــــ ـــ ـــــ ـــ ـــــ ـــ ـــــــ ـــ ـــــ ـــ ـــــــ ـــ ـــــ ـــ ـــــ ـــ ـــــــ ـــ ـــــ ـــ ـــــــ ـــ ـــــ ـــ ـــــ
آگهی‌های خود را در روزنامه کار و کارگر منتشر کنید
ـــ ـــــ ـــ ـــــــ ـــ ـــــ ـــ ـــــ ـــ ـــــــ ـــ ـــــ ـــ ـــــــ ـــ ـــــ ـــ ـــــ ـــ ـــــــ ـــ ـــــ ـــ ـــــــ ـــ ـــــ ـــ ـــــ ـــ ـــــــ ـــ ـــــ ـــ ـــــــ ـــ ـــــ ـــ ـــــ ـــ ـــــــ ـــ ـــــ ـــ ـــــــ ـــ ـــــ ـــ ـــــ ـــ ـــــــ ـــ ـــــ ـــ ـــــــ ـــ ـــــ ـــ ـــــ
ـــ ـــــ ـــ ـــــــ ـــ ـــــ ـــ ـــــ ـــ ـــــــ ـــ ـــــ ـــ ـــــــ ـــ ـــــ ـــ ـــــ ـــ ـــــــ ـــ ـــــ ـــ ـــــــ ـــ ـــــ ـــ ـــــ ـــ ـــــــ ـــ ـــــ ـــ ـــــــ ـــ ـــــ ـــ ـــــ ـــ ـــــــ ـــ ـــــ ـــ ـــــــ ـــ ـــــ ـــ ـــــ ـــ ـــــــ ـــ ـــــ ـــ ـــــــ ـــ ـــــ ـــ ـــــ ـــ ـــــــ ـــ ـــــ ـــ ـــــــ ـــ ـــــ ـــ ـــــ ـــ ـــــــ ـــ ـــــ ـــ ـــــــ ـــ ـــــ ـــ ـــــ ـــ ـــــــ ـــ ـــــ ـــ ـــــــ ـــ ـــــ ـــ ـــــ ـــ ـــــــ ـــ ـــــ ـــ ـــــــ ـــ ـــــ ـــ ـــــ
